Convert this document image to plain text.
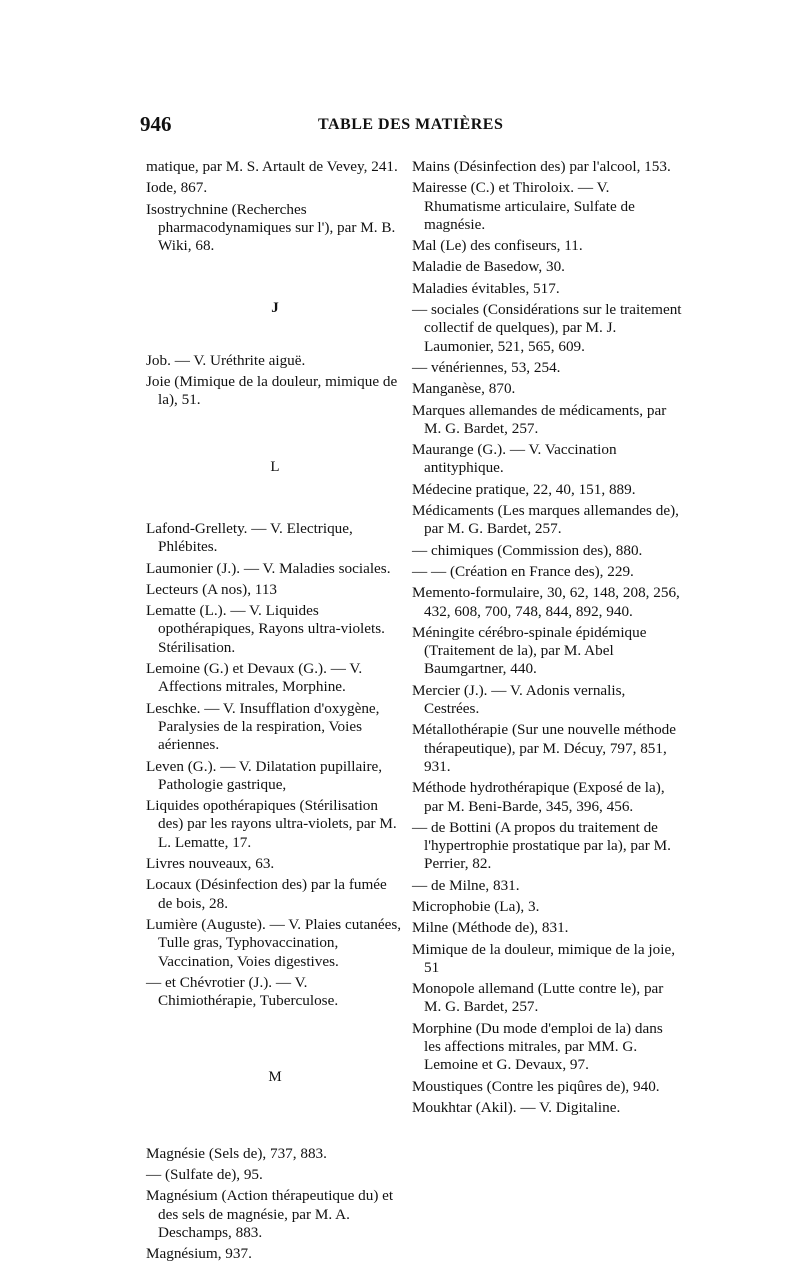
946	TABLE DES MATIÈRES
matique, par M. S. Artault de Vevey, 241.
Iode, 867.
Isostrychnine (Recherches pharmacodynamiques sur l'), par M. B. Wiki, 68.
J
Job. — V. Uréthrite aiguë.
Joie (Mimique de la douleur, mimique de la), 51.
L
Lafond-Grellety. — V. Electrique, Phlébites.
Laumonier (J.). — V. Maladies sociales.
Lecteurs (A nos), 113
Lematte (L.). — V. Liquides opothérapiques, Rayons ultra-violets. Stérilisation.
Lemoine (G.) et Devaux (G.). — V. Affections mitrales, Morphine.
Leschke. — V. Insufflation d'oxygène, Paralysies de la respiration, Voies aériennes.
Leven (G.). — V. Dilatation pupillaire, Pathologie gastrique,
Liquides opothérapiques (Stérilisation des) par les rayons ultra-violets, par M. L. Lematte, 17.
Livres nouveaux, 63.
Locaux (Désinfection des) par la fumée de bois, 28.
Lumière (Auguste). — V. Plaies cutanées, Tulle gras, Typhovaccination, Vaccination, Voies digestives.
— et Chévrotier (J.). — V. Chimiothérapie, Tuberculose.
M
Magnésie (Sels de), 737, 883.
— (Sulfate de), 95.
Magnésium (Action thérapeutique du) et des sels de magnésie, par M. A. Deschamps, 883.
Magnésium, 937.
Mains (Désinfection des) par l'alcool, 153.
Mairesse (C.) et Thiroloix. — V. Rhumatisme articulaire, Sulfate de magnésie.
Mal (Le) des confiseurs, 11.
Maladie de Basedow, 30.
Maladies évitables, 517.
— sociales (Considérations sur le traitement collectif de quelques), par M. J. Laumonier, 521, 565, 609.
— vénériennes, 53, 254.
Manganèse, 870.
Marques allemandes de médicaments, par M. G. Bardet, 257.
Maurange (G.). — V. Vaccination antityphique.
Médecine pratique, 22, 40, 151, 889.
Médicaments (Les marques allemandes de), par M. G. Bardet, 257.
— chimiques (Commission des), 880.
— — (Création en France des), 229.
Memento-formulaire, 30, 62, 148, 208, 256, 432, 608, 700, 748, 844, 892, 940.
Méningite cérébro-spinale épidémique (Traitement de la), par M. Abel Baumgartner, 440.
Mercier (J.). — V. Adonis vernalis, Cestrées.
Métallothérapie (Sur une nouvelle méthode thérapeutique), par M. Décuy, 797, 851, 931.
Méthode hydrothérapique (Exposé de la), par M. Beni-Barde, 345, 396, 456.
— de Bottini (A propos du traitement de l'hypertrophie prostatique par la), par M. Perrier, 82.
— de Milne, 831.
Microphobie (La), 3.
Milne (Méthode de), 831.
Mimique de la douleur, mimique de la joie, 51
Monopole allemand (Lutte contre le), par M. G. Bardet, 257.
Morphine (Du mode d'emploi de la) dans les affections mitrales, par MM. G. Lemoine et G. Devaux, 97.
Moustiques (Contre les piqûres de), 940.
Moukhtar (Akil). — V. Digitaline.
